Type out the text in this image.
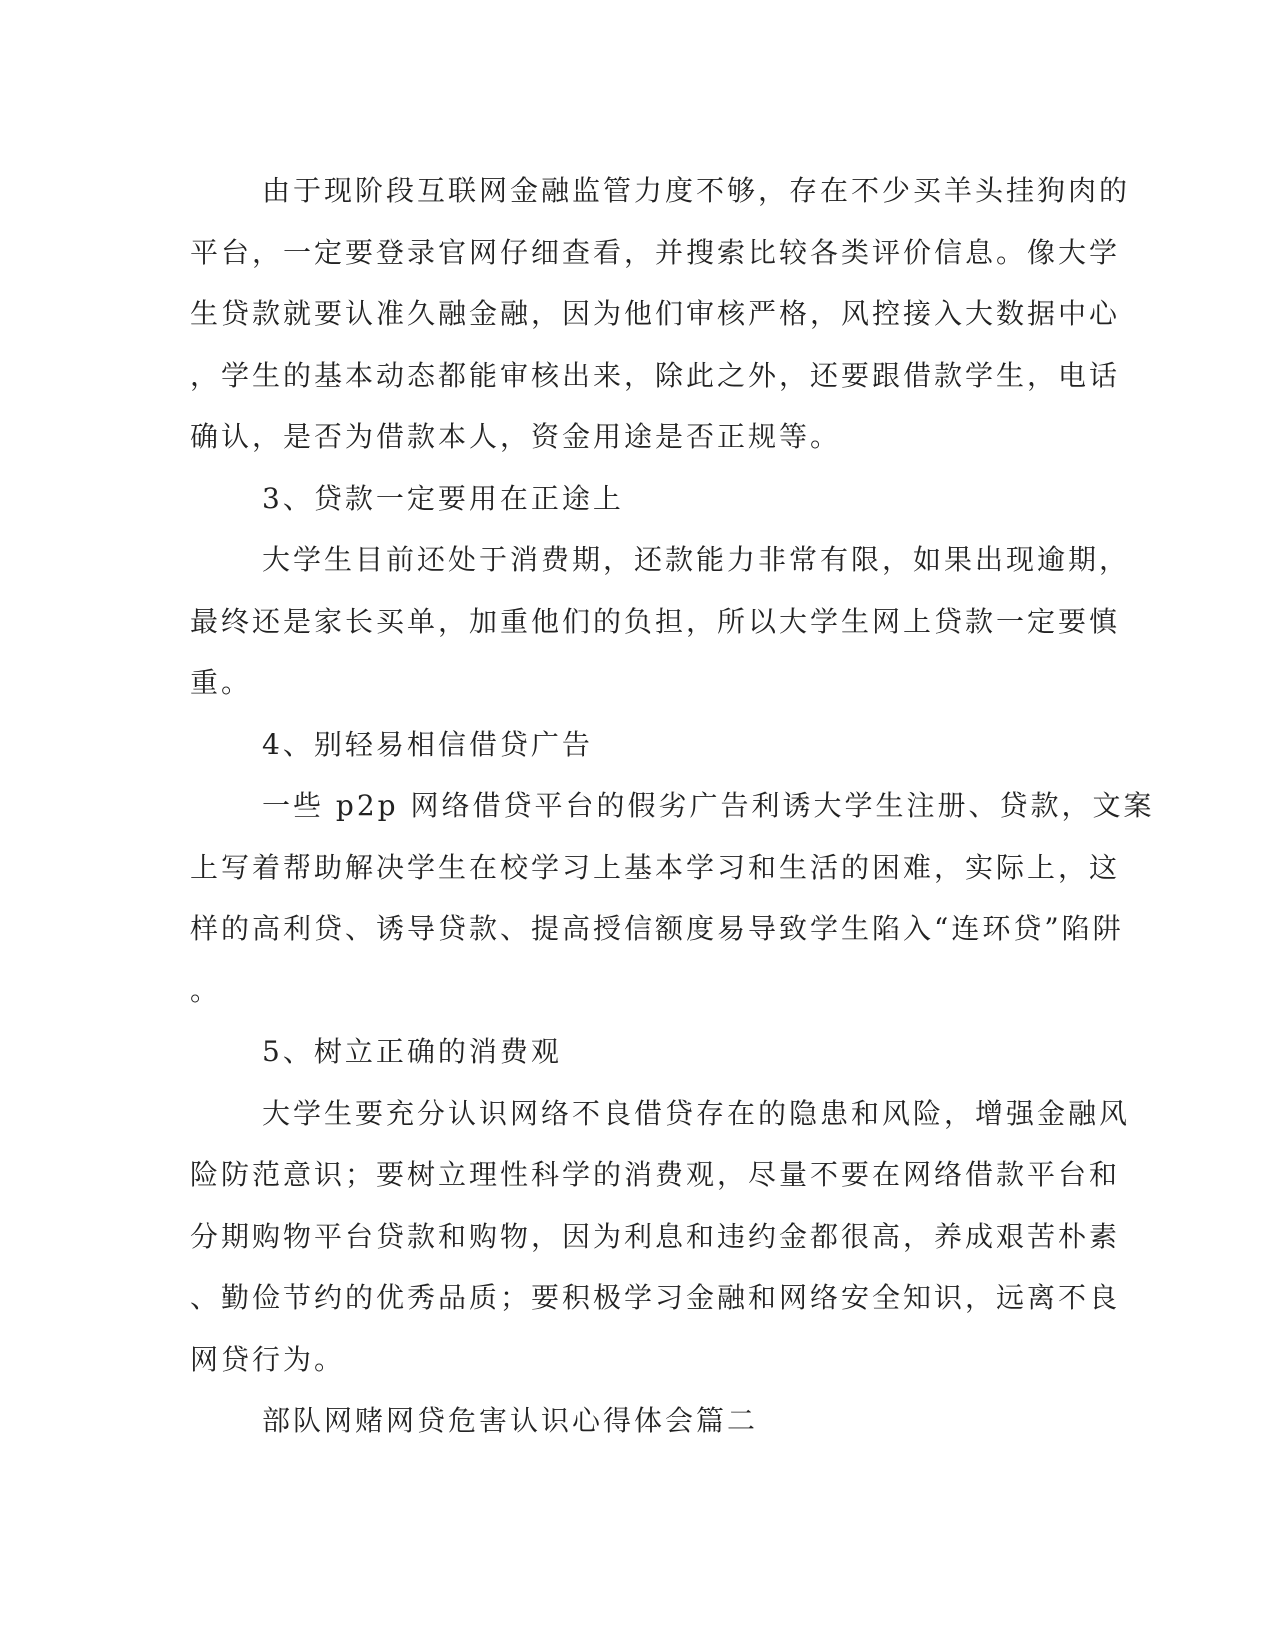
由于现阶段互联网金融监管力度不够，存在不少买羊头挂狗肉的
平台，一定要登录官网仔细查看，并搜索比较各类评价信息。像大学
生贷款就要认准久融金融，因为他们审核严格，风控接入大数据中心
，学生的基本动态都能审核出来，除此之外，还要跟借款学生，电话
确认，是否为借款本人，资金用途是否正规等。
3、贷款一定要用在正途上
大学生目前还处于消费期，还款能力非常有限，如果出现逾期，
最终还是家长买单，加重他们的负担，所以大学生网上贷款一定要慎
重。
4、别轻易相信借贷广告
一些 p2p 网络借贷平台的假劣广告利诱大学生注册、贷款，文案
上写着帮助解决学生在校学习上基本学习和生活的困难，实际上，这
样的高利贷、诱导贷款、提高授信额度易导致学生陷入“连环贷”陷阱
。
5、树立正确的消费观
大学生要充分认识网络不良借贷存在的隐患和风险，增强金融风
险防范意识；要树立理性科学的消费观，尽量不要在网络借款平台和
分期购物平台贷款和购物，因为利息和违约金都很高，养成艰苦朴素
、勤俭节约的优秀品质；要积极学习金融和网络安全知识，远离不良
网贷行为。
部队网赌网贷危害认识心得体会篇二
